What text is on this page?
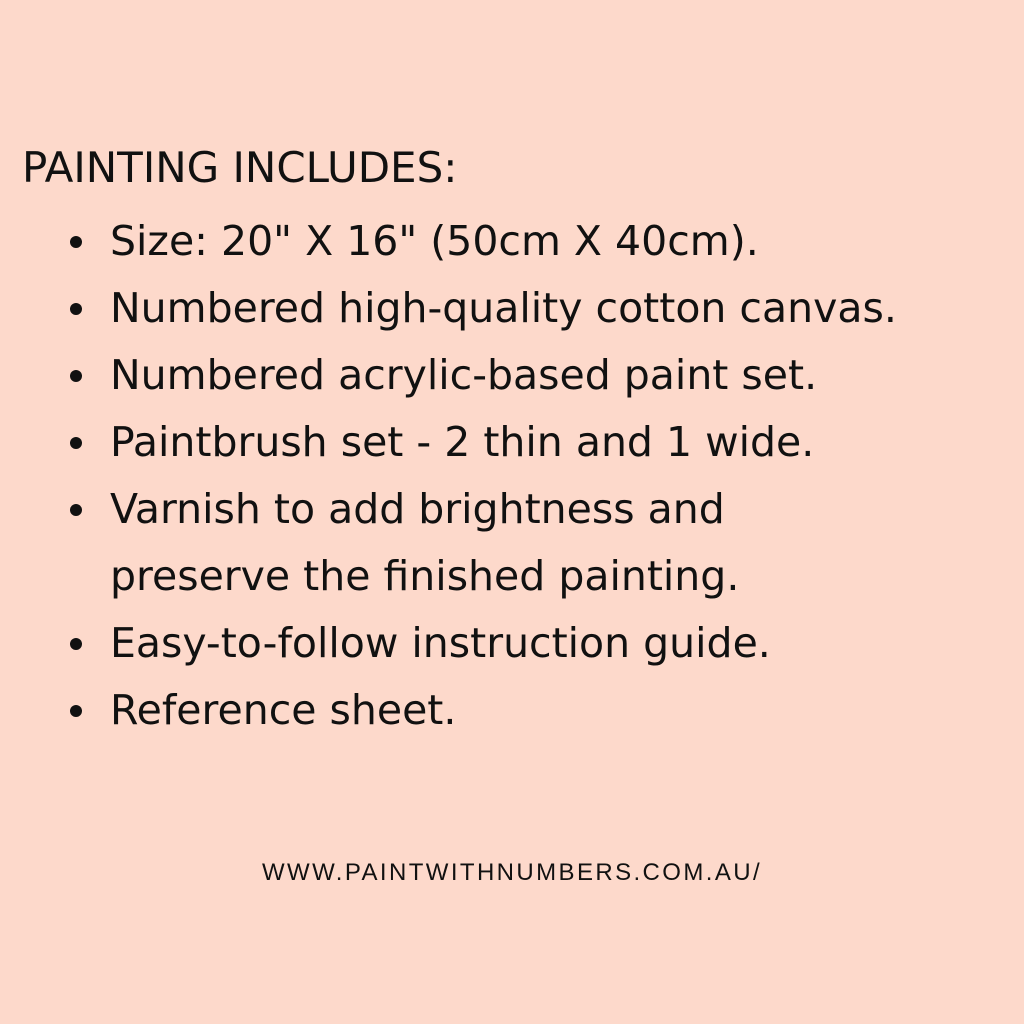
PAINTING INCLUDES:
Size: 20" X 16" (50cm X 40cm).
Numbered high-quality cotton canvas.
Numbered acrylic-based paint set.
Paintbrush set - 2 thin and 1 wide.
Varnish to add brightness and
preserve the finished painting.
Easy-to-follow instruction guide.
Reference sheet.
WWW.PAINTWITHNUMBERS.COM.AU/
